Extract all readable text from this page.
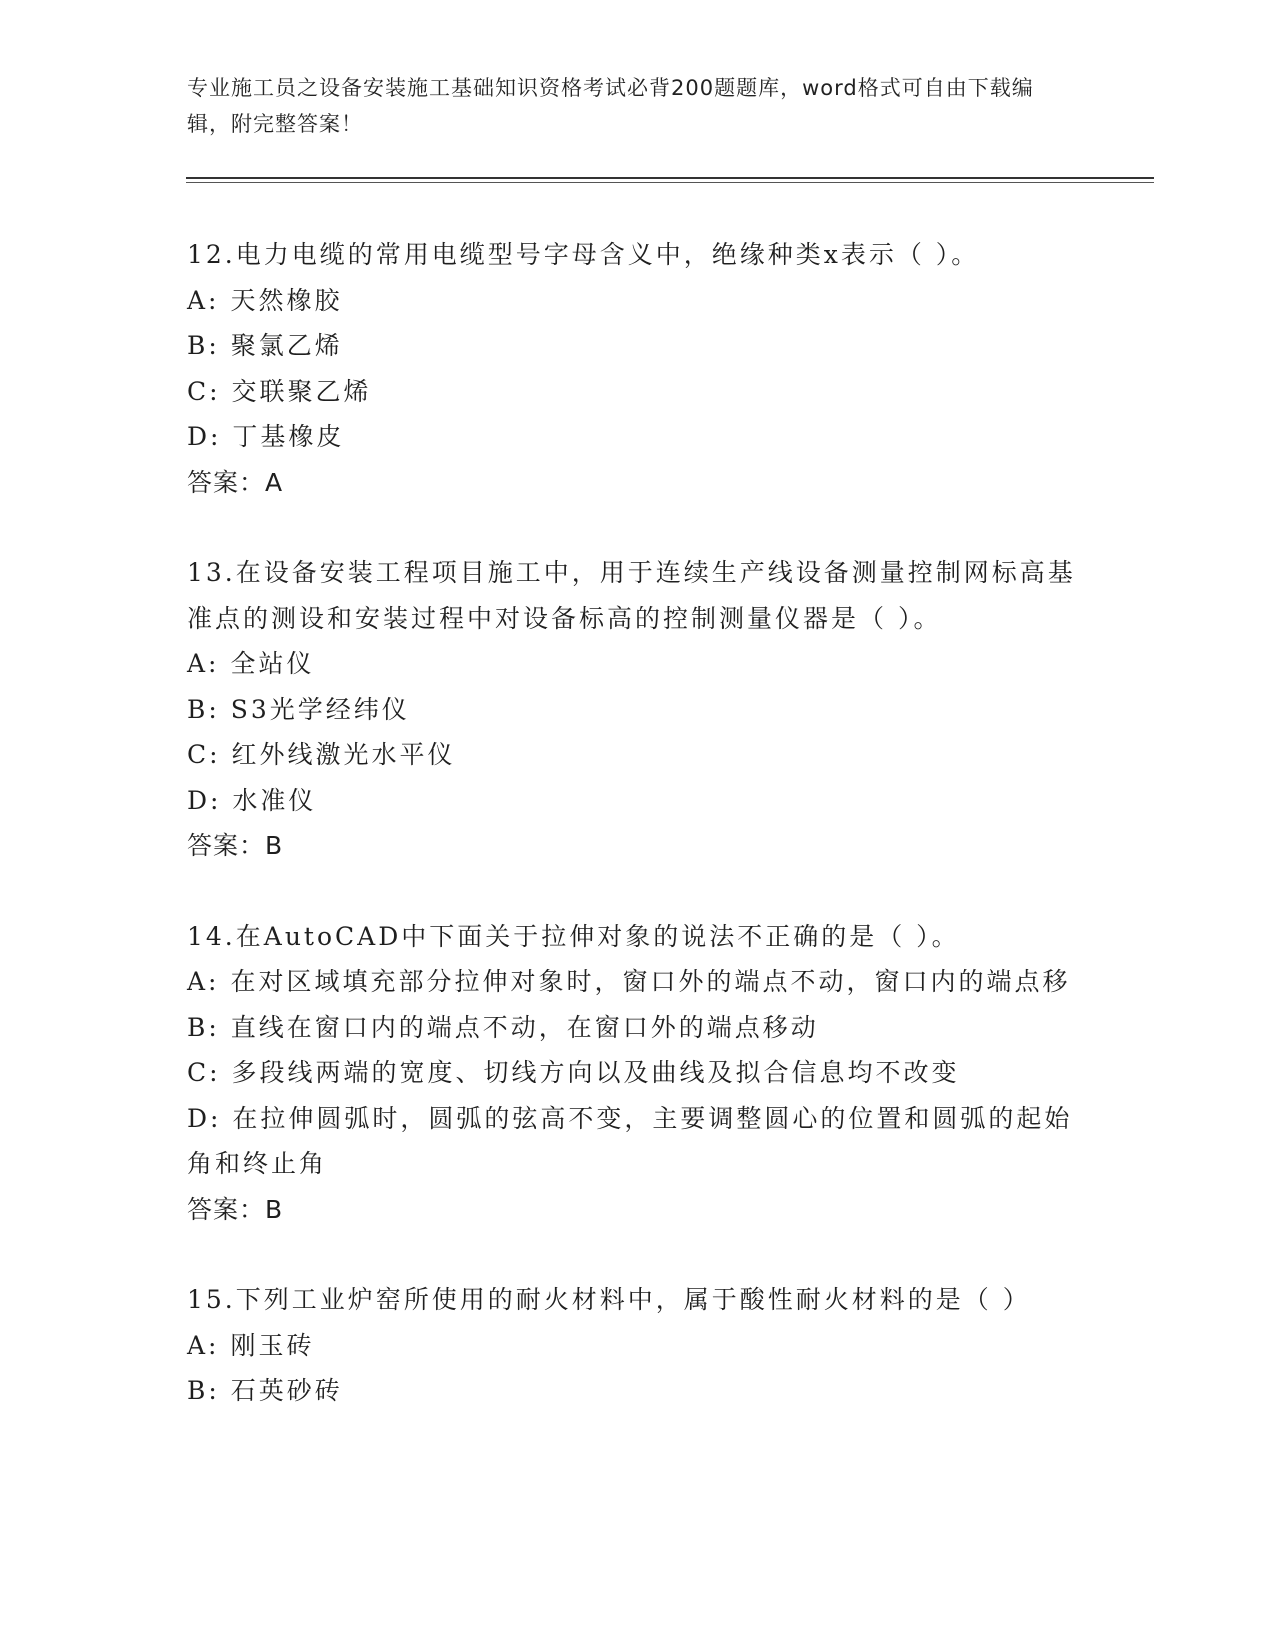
专业施工员之设备安装施工基础知识资格考试必背200题题库，word格式可自由下载编辑，附完整答案！
12.电力电缆的常用电缆型号字母含义中，绝缘种类x表示（ ）。
A: 天然橡胶
B: 聚氯乙烯
C: 交联聚乙烯
D: 丁基橡皮
答案：A
13.在设备安装工程项目施工中，用于连续生产线设备测量控制网标高基准点的测设和安装过程中对设备标高的控制测量仪器是（ ）。
A: 全站仪
B: S3光学经纬仪
C: 红外线激光水平仪
D: 水准仪
答案：B
14.在AutoCAD中下面关于拉伸对象的说法不正确的是（ ）。
A: 在对区域填充部分拉伸对象时，窗口外的端点不动，窗口内的端点移
B: 直线在窗口内的端点不动，在窗口外的端点移动
C: 多段线两端的宽度、切线方向以及曲线及拟合信息均不改变
D: 在拉伸圆弧时，圆弧的弦高不变，主要调整圆心的位置和圆弧的起始角和终止角
答案：B
15.下列工业炉窑所使用的耐火材料中，属于酸性耐火材料的是（ ）
A: 刚玉砖
B: 石英砂砖
